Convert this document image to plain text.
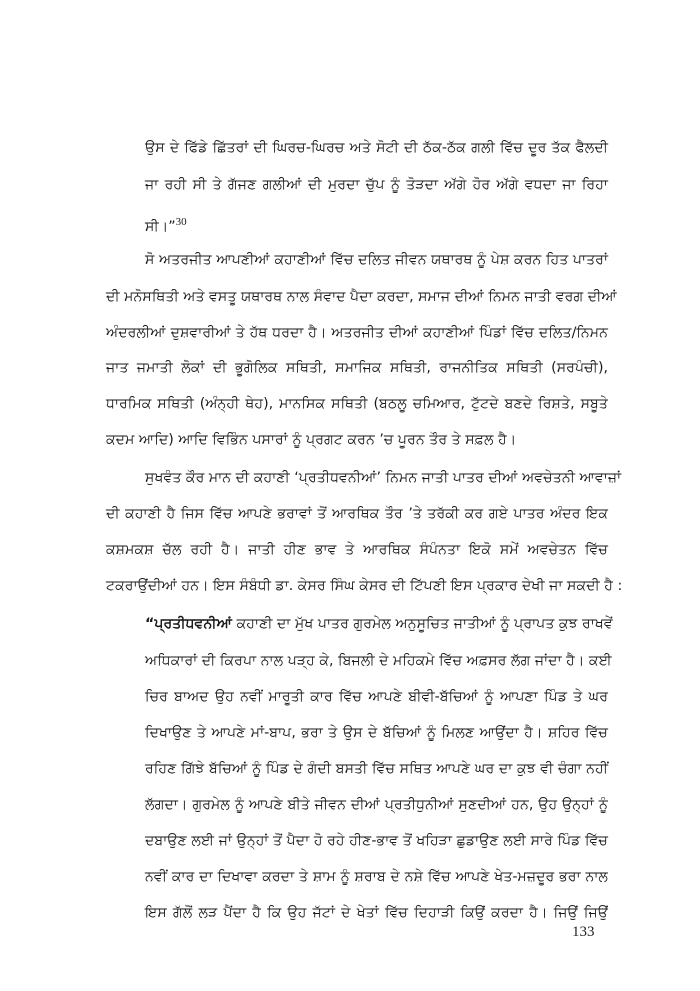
ਉਸ ਦੇ ਫਿੱਡੇ ਛਿੱਤਰਾਂ ਦੀ ਘਿਰਚ-ਘਿਰਚ ਅਤੇ ਸੋਟੀ ਦੀ ਠੱਕ-ਠੱਕ ਗਲੀ ਵਿੱਚ ਦੂਰ ਤੱਕ ਫੈਲਦੀ
ਜਾ ਰਹੀ ਸੀ ਤੇ ਗੱਜਣ ਗਲੀਆਂ ਦੀ ਮੁਰਦਾ ਚੁੱਪ ਨੂੰ ਤੋੜਦਾ ਅੱਗੇ ਹੋਰ ਅੱਗੇ ਵਧਦਾ ਜਾ ਰਿਹਾ
ਸੀ।”$^{30}$
ਸੋ ਅਤਰਜੀਤ ਆਪਣੀਆਂ ਕਹਾਣੀਆਂ ਵਿੱਚ ਦਲਿਤ ਜੀਵਨ ਯਥਾਰਥ ਨੂੰ ਪੇਸ਼ ਕਰਨ ਹਿਤ ਪਾਤਰਾਂ
ਦੀ ਮਨੋਸਥਿਤੀ ਅਤੇ ਵਸਤੂ ਯਥਾਰਥ ਨਾਲ ਸੰਵਾਦ ਪੈਦਾ ਕਰਦਾ, ਸਮਾਜ ਦੀਆਂ ਨਿਮਨ ਜਾਤੀ ਵਰਗ ਦੀਆਂ
ਅੰਦਰਲੀਆਂ ਦੁਸ਼ਵਾਰੀਆਂ ਤੇ ਹੱਥ ਧਰਦਾ ਹੈ। ਅਤਰਜੀਤ ਦੀਆਂ ਕਹਾਣੀਆਂ ਪਿੰਡਾਂ ਵਿੱਚ ਦਲਿਤ/ਨਿਮਨ
ਜਾਤ ਜਮਾਤੀ ਲੋਕਾਂ ਦੀ ਭੂਗੋਲਿਕ ਸਥਿਤੀ, ਸਮਾਜਿਕ ਸਥਿਤੀ, ਰਾਜਨੀਤਿਕ ਸਥਿਤੀ (ਸਰਪੰਚੀ),
ਧਾਰਮਿਕ ਸਥਿਤੀ (ਅੰਨ੍ਹੀ ਥੇਹ), ਮਾਨਸਿਕ ਸਥਿਤੀ (ਬਠਲੂ ਚਮਿਆਰ, ਟੁੱਟਦੇ ਬਣਦੇ ਰਿਸ਼ਤੇ, ਸਬੂਤੇ
ਕਦਮ ਆਦਿ) ਆਦਿ ਵਿਭਿੰਨ ਪਸਾਰਾਂ ਨੂੰ ਪ੍ਰਗਟ ਕਰਨ ’ਚ ਪੂਰਨ ਤੌਰ ਤੇ ਸਫ਼ਲ ਹੈ।
ਸੁਖਵੰਤ ਕੌਰ ਮਾਨ ਦੀ ਕਹਾਣੀ ‘ਪ੍ਰਤੀਧਵਨੀਆਂ’ ਨਿਮਨ ਜਾਤੀ ਪਾਤਰ ਦੀਆਂ ਅਵਚੇਤਨੀ ਆਵਾਜ਼ਾਂ
ਦੀ ਕਹਾਣੀ ਹੈ ਜਿਸ ਵਿੱਚ ਆਪਣੇ ਭਰਾਵਾਂ ਤੋਂ ਆਰਥਿਕ ਤੌਰ ’ਤੇ ਤਰੱਕੀ ਕਰ ਗਏ ਪਾਤਰ ਅੰਦਰ ਇਕ
ਕਸ਼ਮਕਸ਼ ਚੱਲ ਰਹੀ ਹੈ। ਜਾਤੀ ਹੀਣ ਭਾਵ ਤੇ ਆਰਥਿਕ ਸੰਪੰਨਤਾ ਇਕੋ ਸਮੇਂ ਅਵਚੇਤਨ ਵਿੱਚ
ਟਕਰਾਉਂਦੀਆਂ ਹਨ। ਇਸ ਸੰਬੰਧੀ ਡਾ. ਕੇਸਰ ਸਿੰਘ ਕੇਸਰ ਦੀ ਟਿੱਪਣੀ ਇਸ ਪ੍ਰਕਾਰ ਦੇਖੀ ਜਾ ਸਕਦੀ ਹੈ :
“ਪ੍ਰਤੀਧਵਨੀਆਂ ਕਹਾਣੀ ਦਾ ਮੁੱਖ ਪਾਤਰ ਗੁਰਮੇਲ ਅਨੁਸੂਚਿਤ ਜਾਤੀਆਂ ਨੂੰ ਪ੍ਰਾਪਤ ਕੁਝ ਰਾਖਵੇਂ
ਅਧਿਕਾਰਾਂ ਦੀ ਕਿਰਪਾ ਨਾਲ ਪੜ੍ਹ ਕੇ, ਬਿਜਲੀ ਦੇ ਮਹਿਕਮੇ ਵਿੱਚ ਅਫ਼ਸਰ ਲੱਗ ਜਾਂਦਾ ਹੈ। ਕਈ
ਚਿਰ ਬਾਅਦ ਉਹ ਨਵੀਂ ਮਾਰੂਤੀ ਕਾਰ ਵਿੱਚ ਆਪਣੇ ਬੀਵੀ-ਬੱਚਿਆਂ ਨੂੰ ਆਪਣਾ ਪਿੰਡ ਤੇ ਘਰ
ਦਿਖਾਉਣ ਤੇ ਆਪਣੇ ਮਾਂ-ਬਾਪ, ਭਰਾ ਤੇ ਉਸ ਦੇ ਬੱਚਿਆਂ ਨੂੰ ਮਿਲਣ ਆਉਂਦਾ ਹੈ। ਸ਼ਹਿਰ ਵਿੱਚ
ਰਹਿਣ ਗਿੱਝੇ ਬੱਚਿਆਂ ਨੂੰ ਪਿੰਡ ਦੇ ਗੰਦੀ ਬਸਤੀ ਵਿੱਚ ਸਥਿਤ ਆਪਣੇ ਘਰ ਦਾ ਕੁਝ ਵੀ ਚੰਗਾ ਨਹੀਂ
ਲੱਗਦਾ। ਗੁਰਮੇਲ ਨੂੰ ਆਪਣੇ ਬੀਤੇ ਜੀਵਨ ਦੀਆਂ ਪ੍ਰਤੀਧੁਨੀਆਂ ਸੁਣਦੀਆਂ ਹਨ, ਉਹ ਉਨ੍ਹਾਂ ਨੂੰ
ਦਬਾਉਣ ਲਈ ਜਾਂ ਉਨ੍ਹਾਂ ਤੋਂ ਪੈਦਾ ਹੋ ਰਹੇ ਹੀਣ-ਭਾਵ ਤੋਂ ਖਹਿੜਾ ਛੁਡਾਉਣ ਲਈ ਸਾਰੇ ਪਿੰਡ ਵਿੱਚ
ਨਵੀਂ ਕਾਰ ਦਾ ਦਿਖਾਵਾ ਕਰਦਾ ਤੇ ਸ਼ਾਮ ਨੂੰ ਸ਼ਰਾਬ ਦੇ ਨਸ਼ੇ ਵਿੱਚ ਆਪਣੇ ਖੇਤ-ਮਜ਼ਦੂਰ ਭਰਾ ਨਾਲ
ਇਸ ਗੱਲੋਂ ਲੜ ਪੈਂਦਾ ਹੈ ਕਿ ਉਹ ਜੱਟਾਂ ਦੇ ਖੇਤਾਂ ਵਿੱਚ ਦਿਹਾੜੀ ਕਿਉਂ ਕਰਦਾ ਹੈ। ਜਿਉਂ ਜਿਉਂ
133
